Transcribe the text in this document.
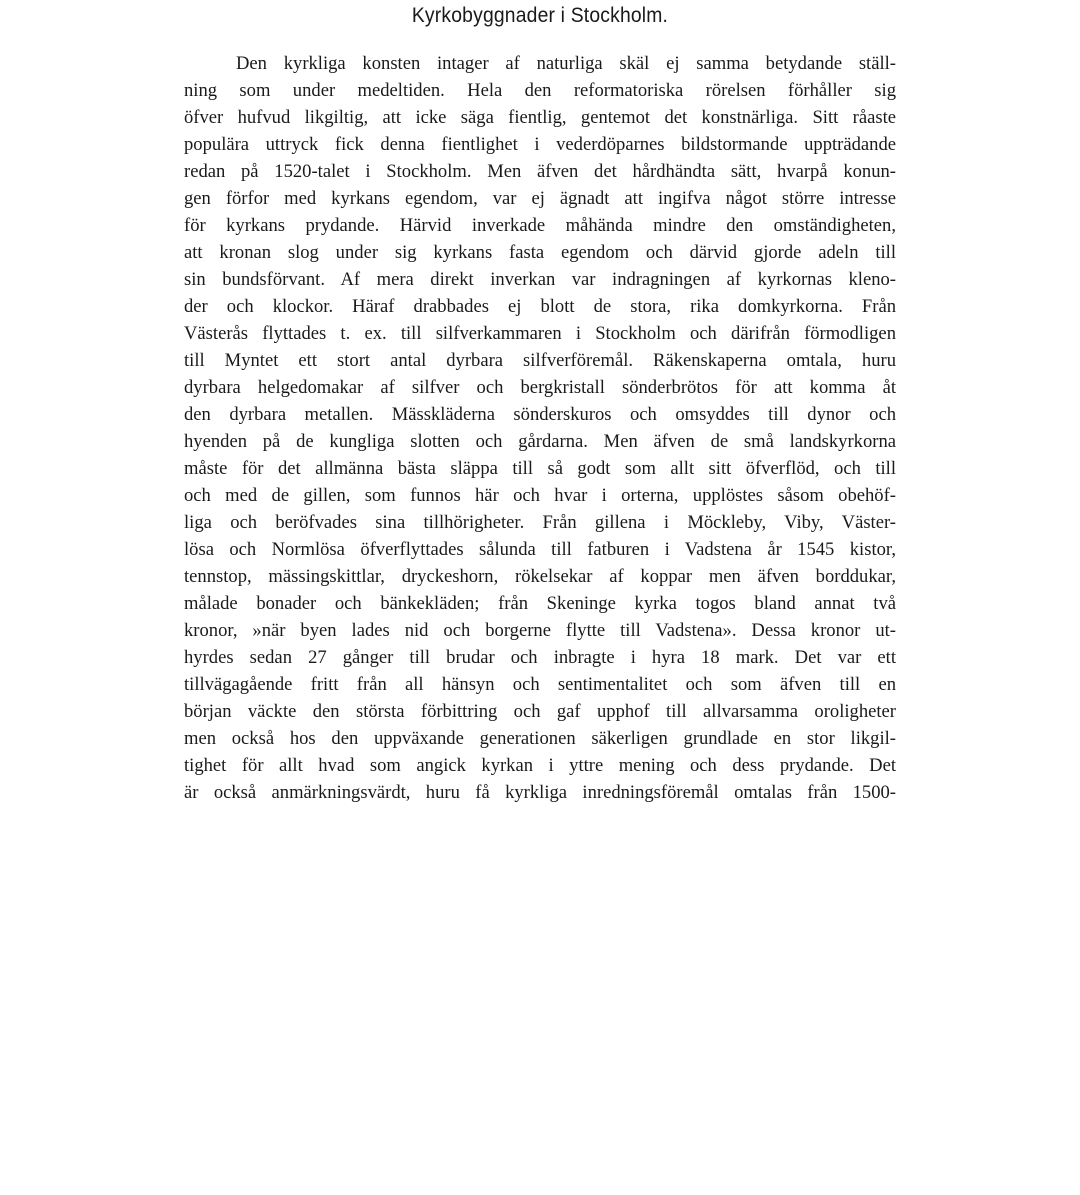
Kyrkobyggnader i Stockholm.
Den kyrkliga konsten intager af naturliga skäl ej samma betydande ställ-
ning som under medeltiden. Hela den reformatoriska rörelsen förhåller sig
öfver hufvud likgiltig, att icke säga fientlig, gentemot det konstnärliga. Sitt råaste
populära uttryck fick denna fientlighet i vederdöparnes bildstormande uppträdande
redan på 1520-talet i Stockholm. Men äfven det hårdhändta sätt, hvarpå konun-
gen förfor med kyrkans egendom, var ej ägnadt att ingifva något större intresse
för kyrkans prydande. Härvid inverkade måhända mindre den omständigheten,
att kronan slog under sig kyrkans fasta egendom och därvid gjorde adeln till
sin bundsförvant. Af mera direkt inverkan var indragningen af kyrkornas kleno-
der och klockor. Häraf drabbades ej blott de stora, rika domkyrkorna. Från
Västerås flyttades t. ex. till silfverkammaren i Stockholm och därifrån förmodligen
till Myntet ett stort antal dyrbara silfverföremål. Räkenskaperna omtala, huru
dyrbara helgedomakar af silfver och bergkristall sönderbrötos för att komma åt
den dyrbara metallen. Mässkläderna sönderskuros och omsyddes till dynor och
hyenden på de kungliga slotten och gårdarna. Men äfven de små landskyrkorna
måste för det allmänna bästa släppa till så godt som allt sitt öfverflöd, och till
och med de gillen, som funnos här och hvar i orterna, upplöstes såsom obehöf-
liga och beröfvades sina tillhörigheter. Från gillena i Möckleby, Viby, Väster-
lösa och Normlösa öfverflyttades sålunda till fatburen i Vadstena år 1545 kistor,
tennstop, mässingskittlar, dryckeshorn, rökelsekar af koppar men äfven borddukar,
målade bonader och bänkekläden; från Skeninge kyrka togos bland annat två
kronor, »när byen lades nid och borgerne flytte till Vadstena». Dessa kronor ut-
hyrdes sedan 27 gånger till brudar och inbragte i hyra 18 mark. Det var ett
tillvägagående fritt från all hänsyn och sentimentalitet och som äfven till en
början väckte den största förbittring och gaf upphof till allvarsamma oroligheter
men också hos den uppväxande generationen säkerligen grundlade en stor likgil-
tighet för allt hvad som angick kyrkan i yttre mening och dess prydande. Det
är också anmärkningsvärdt, huru få kyrkliga inredningsföremål omtalas från 1500-
